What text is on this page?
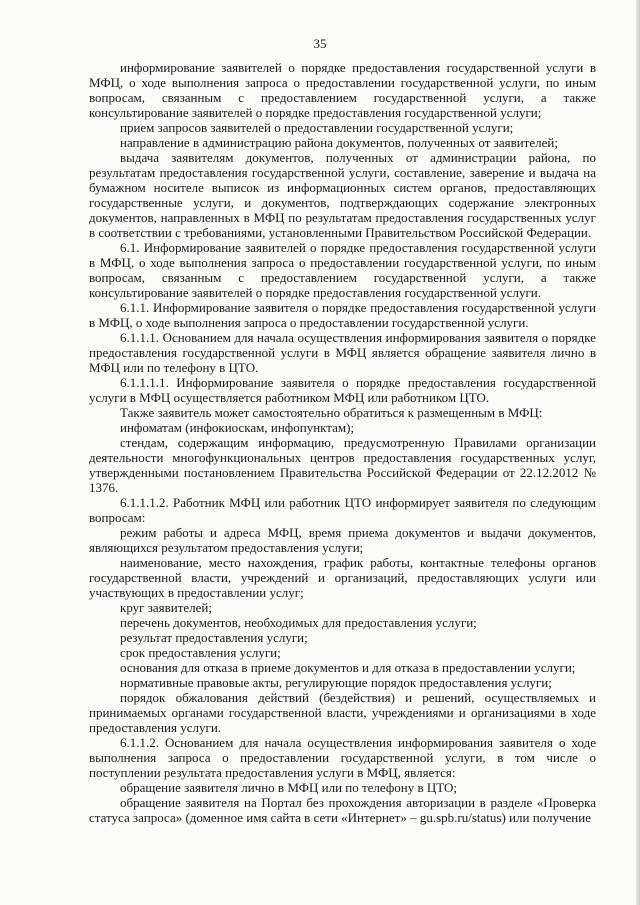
35

информирование заявителей о порядке предоставления государственной услуги в МФЦ, о ходе выполнения запроса о предоставлении государственной услуги, по иным вопросам, связанным с предоставлением государственной услуги, а также консультирование заявителей о порядке предоставления государственной услуги;

прием запросов заявителей о предоставлении государственной услуги;

направление в администрацию района документов, полученных от заявителей;

выдача заявителям документов, полученных от администрации района, по результатам предоставления государственной услуги, составление, заверение и выдача на бумажном носителе выписок из информационных систем органов, предоставляющих государственные услуги, и документов, подтверждающих содержание электронных документов, направленных в МФЦ по результатам предоставления государственных услуг в соответствии с требованиями, установленными Правительством Российской Федерации.

6.1. Информирование заявителей о порядке предоставления государственной услуги в МФЦ, о ходе выполнения запроса о предоставлении государственной услуги, по иным вопросам, связанным с предоставлением государственной услуги, а также консультирование заявителей о порядке предоставления государственной услуги.

6.1.1. Информирование заявителя о порядке предоставления государственной услуги в МФЦ, о ходе выполнения запроса о предоставлении государственной услуги.

6.1.1.1. Основанием для начала осуществления информирования заявителя о порядке предоставления государственной услуги в МФЦ является обращение заявителя лично в МФЦ или по телефону в ЦТО.

6.1.1.1.1. Информирование заявителя о порядке предоставления государственной услуги в МФЦ осуществляется работником МФЦ или работником ЦТО.

Также заявитель может самостоятельно обратиться к размещенным в МФЦ:

инфоматам (инфокиоскам, инфопунктам);

стендам, содержащим информацию, предусмотренную Правилами организации деятельности многофункциональных центров предоставления государственных услуг, утвержденными постановлением Правительства Российской Федерации от 22.12.2012 № 1376.

6.1.1.1.2. Работник МФЦ или работник ЦТО информирует заявителя по следующим вопросам:

режим работы и адреса МФЦ, время приема документов и выдачи документов, являющихся результатом предоставления услуги;

наименование, место нахождения, график работы, контактные телефоны органов государственной власти, учреждений и организаций, предоставляющих услуги или участвующих в предоставлении услуг;

круг заявителей;

перечень документов, необходимых для предоставления услуги;

результат предоставления услуги;

срок предоставления услуги;

основания для отказа в приеме документов и для отказа в предоставлении услуги;

нормативные правовые акты, регулирующие порядок предоставления услуги;

порядок обжалования действий (бездействия) и решений, осуществляемых и принимаемых органами государственной власти, учреждениями и организациями в ходе предоставления услуги.

6.1.1.2. Основанием для начала осуществления информирования заявителя о ходе выполнения запроса о предоставлении государственной услуги, в том числе о поступлении результата предоставления услуги в МФЦ, является:

обращение заявителя лично в МФЦ или по телефону в ЦТО;

обращение заявителя на Портал без прохождения авторизации в разделе «Проверка статуса запроса» (доменное имя сайта в сети «Интернет» – gu.spb.ru/status) или получение
